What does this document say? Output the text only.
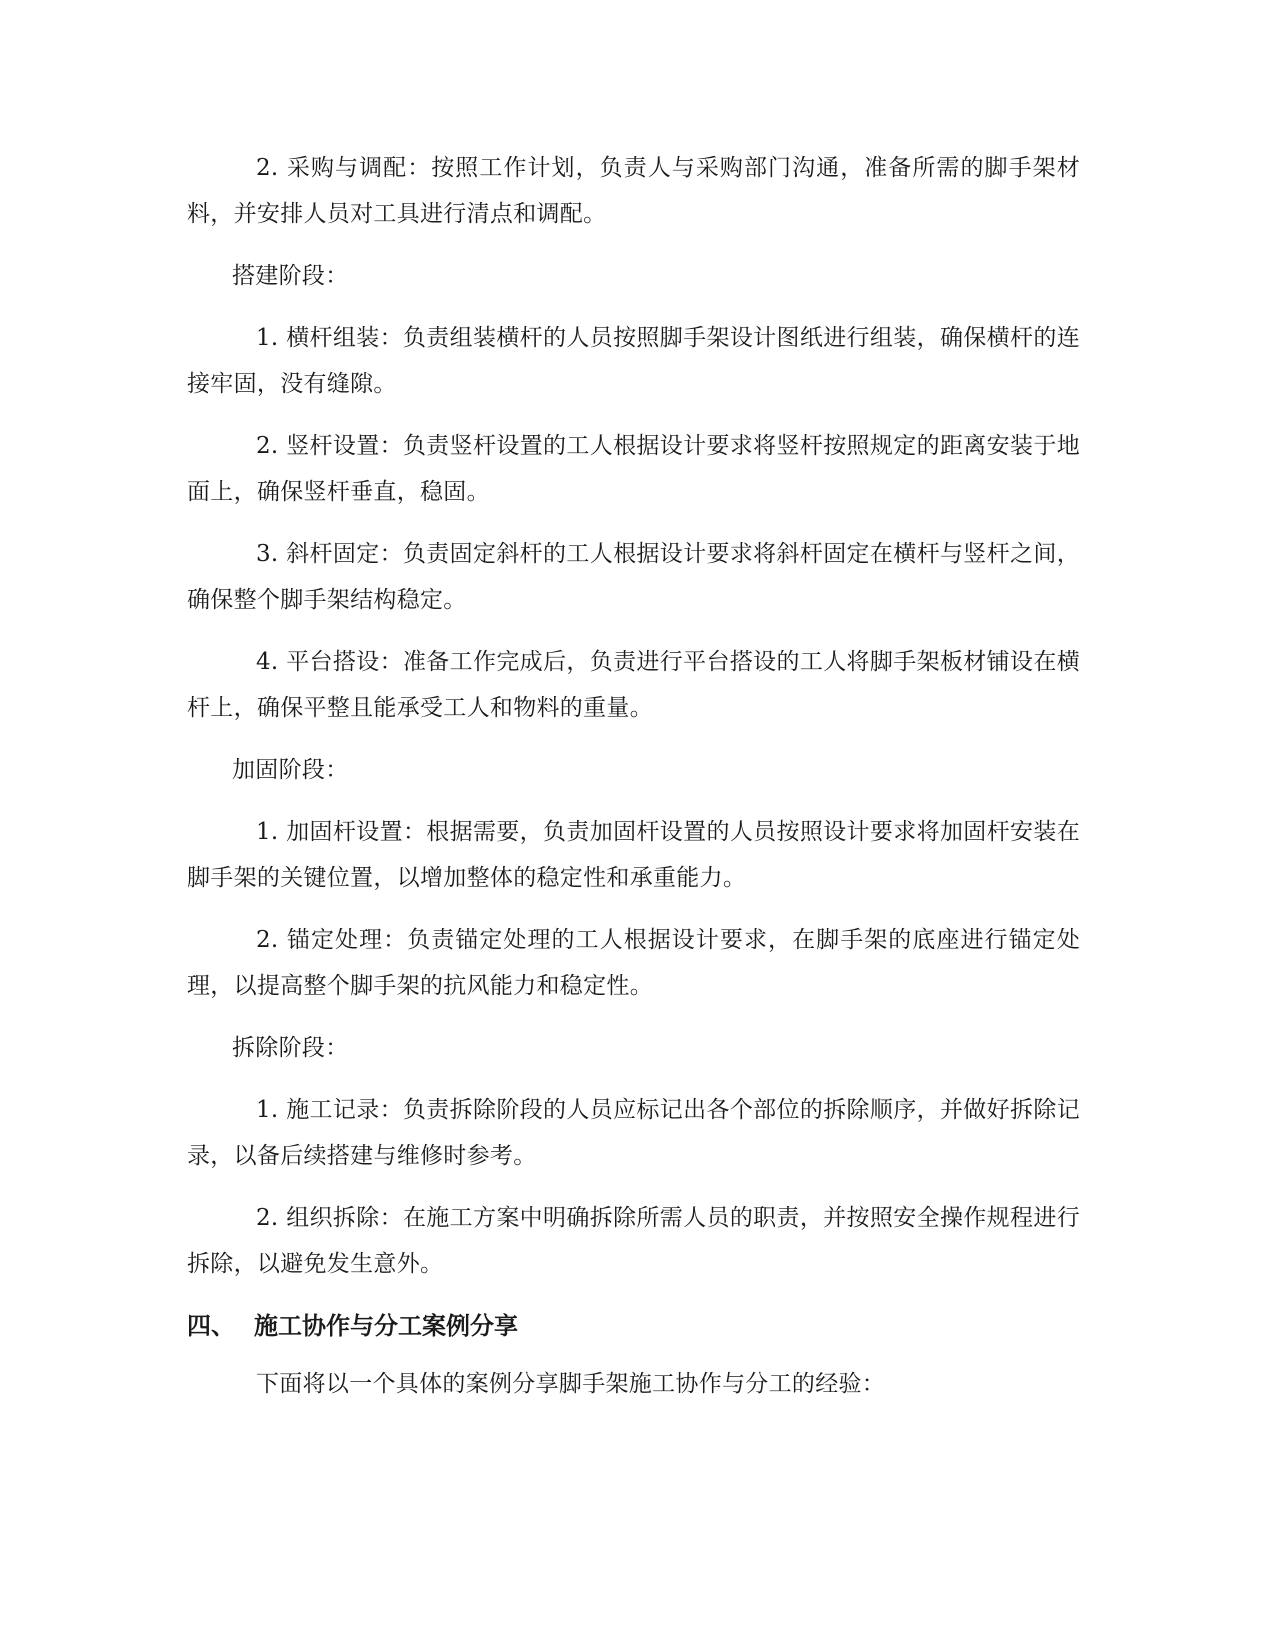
2. 采购与调配：按照工作计划，负责人与采购部门沟通，准备所需的脚手架材料，并安排人员对工具进行清点和调配。

搭建阶段：

1. 横杆组装：负责组装横杆的人员按照脚手架设计图纸进行组装，确保横杆的连接牢固，没有缝隙。

2. 竖杆设置：负责竖杆设置的工人根据设计要求将竖杆按照规定的距离安装于地面上，确保竖杆垂直，稳固。

3. 斜杆固定：负责固定斜杆的工人根据设计要求将斜杆固定在横杆与竖杆之间，确保整个脚手架结构稳定。

4. 平台搭设：准备工作完成后，负责进行平台搭设的工人将脚手架板材铺设在横杆上，确保平整且能承受工人和物料的重量。

加固阶段：

1. 加固杆设置：根据需要，负责加固杆设置的人员按照设计要求将加固杆安装在脚手架的关键位置，以增加整体的稳定性和承重能力。

2. 锚定处理：负责锚定处理的工人根据设计要求，在脚手架的底座进行锚定处理，以提高整个脚手架的抗风能力和稳定性。

拆除阶段：

1. 施工记录：负责拆除阶段的人员应标记出各个部位的拆除顺序，并做好拆除记录，以备后续搭建与维修时参考。

2. 组织拆除：在施工方案中明确拆除所需人员的职责，并按照安全操作规程进行拆除，以避免发生意外。

四、 施工协作与分工案例分享

下面将以一个具体的案例分享脚手架施工协作与分工的经验：
